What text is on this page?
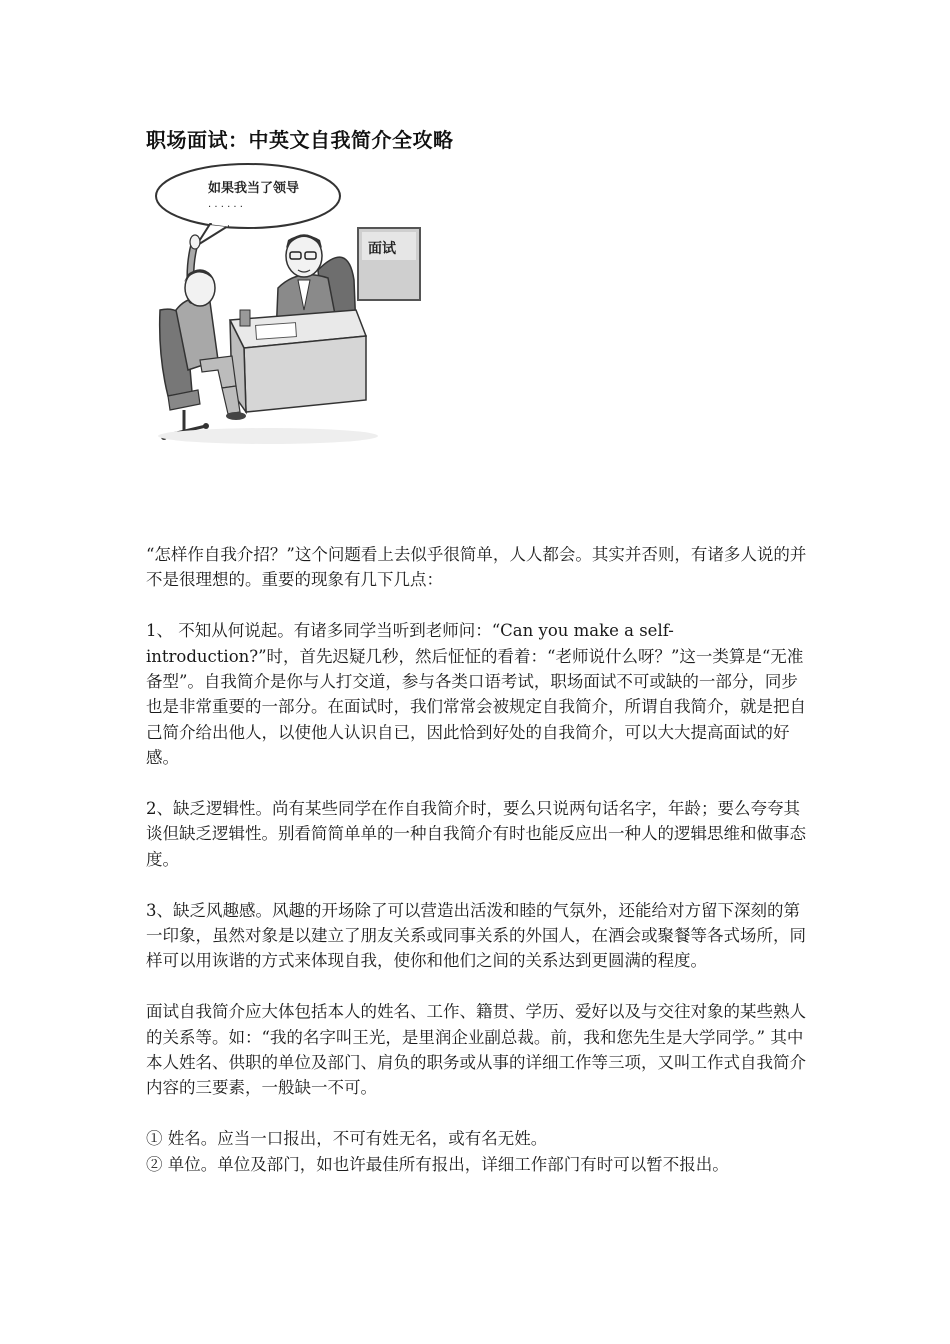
职场面试：中英文自我简介全攻略
如果我当了领导
· · · · · ·
面试

“怎样作自我介招？”这个问题看上去似乎很简单，人人都会。其实并否则，有诸多人说的并不是很理想的。重要的现象有几下几点：

1、 不知从何说起。有诸多同学当听到老师问：“Can you make a self-introduction?”时，首先迟疑几秒，然后怔怔的看着：“老师说什么呀？”这一类算是“无准备型”。自我简介是你与人打交道，参与各类口语考试，职场面试不可或缺的一部分，同步也是非常重要的一部分。在面试时，我们常常会被规定自我简介，所谓自我简介，就是把自己简介给出他人，以使他人认识自已，因此恰到好处的自我简介，可以大大提高面试的好感。

2、缺乏逻辑性。尚有某些同学在作自我简介时，要么只说两句话名字，年龄；要么夸夸其谈但缺乏逻辑性。别看简简单单的一种自我简介有时也能反应出一种人的逻辑思维和做事态度。

3、缺乏风趣感。风趣的开场除了可以营造出活泼和睦的气氛外，还能给对方留下深刻的第一印象，虽然对象是以建立了朋友关系或同事关系的外国人，在酒会或聚餐等各式场所，同样可以用诙谐的方式来体现自我，使你和他们之间的关系达到更圆满的程度。

面试自我简介应大体包括本人的姓名、工作、籍贯、学历、爱好以及与交往对象的某些熟人的关系等。如：“我的名字叫王光，是里润企业副总裁。前，我和您先生是大学同学。” 其中本人姓名、供职的单位及部门、肩负的职务或从事的详细工作等三项，又叫工作式自我简介内容的三要素，一般缺一不可。

① 姓名。应当一口报出，不可有姓无名，或有名无姓。

② 单位。单位及部门，如也许最佳所有报出，详细工作部门有时可以暂不报出。
